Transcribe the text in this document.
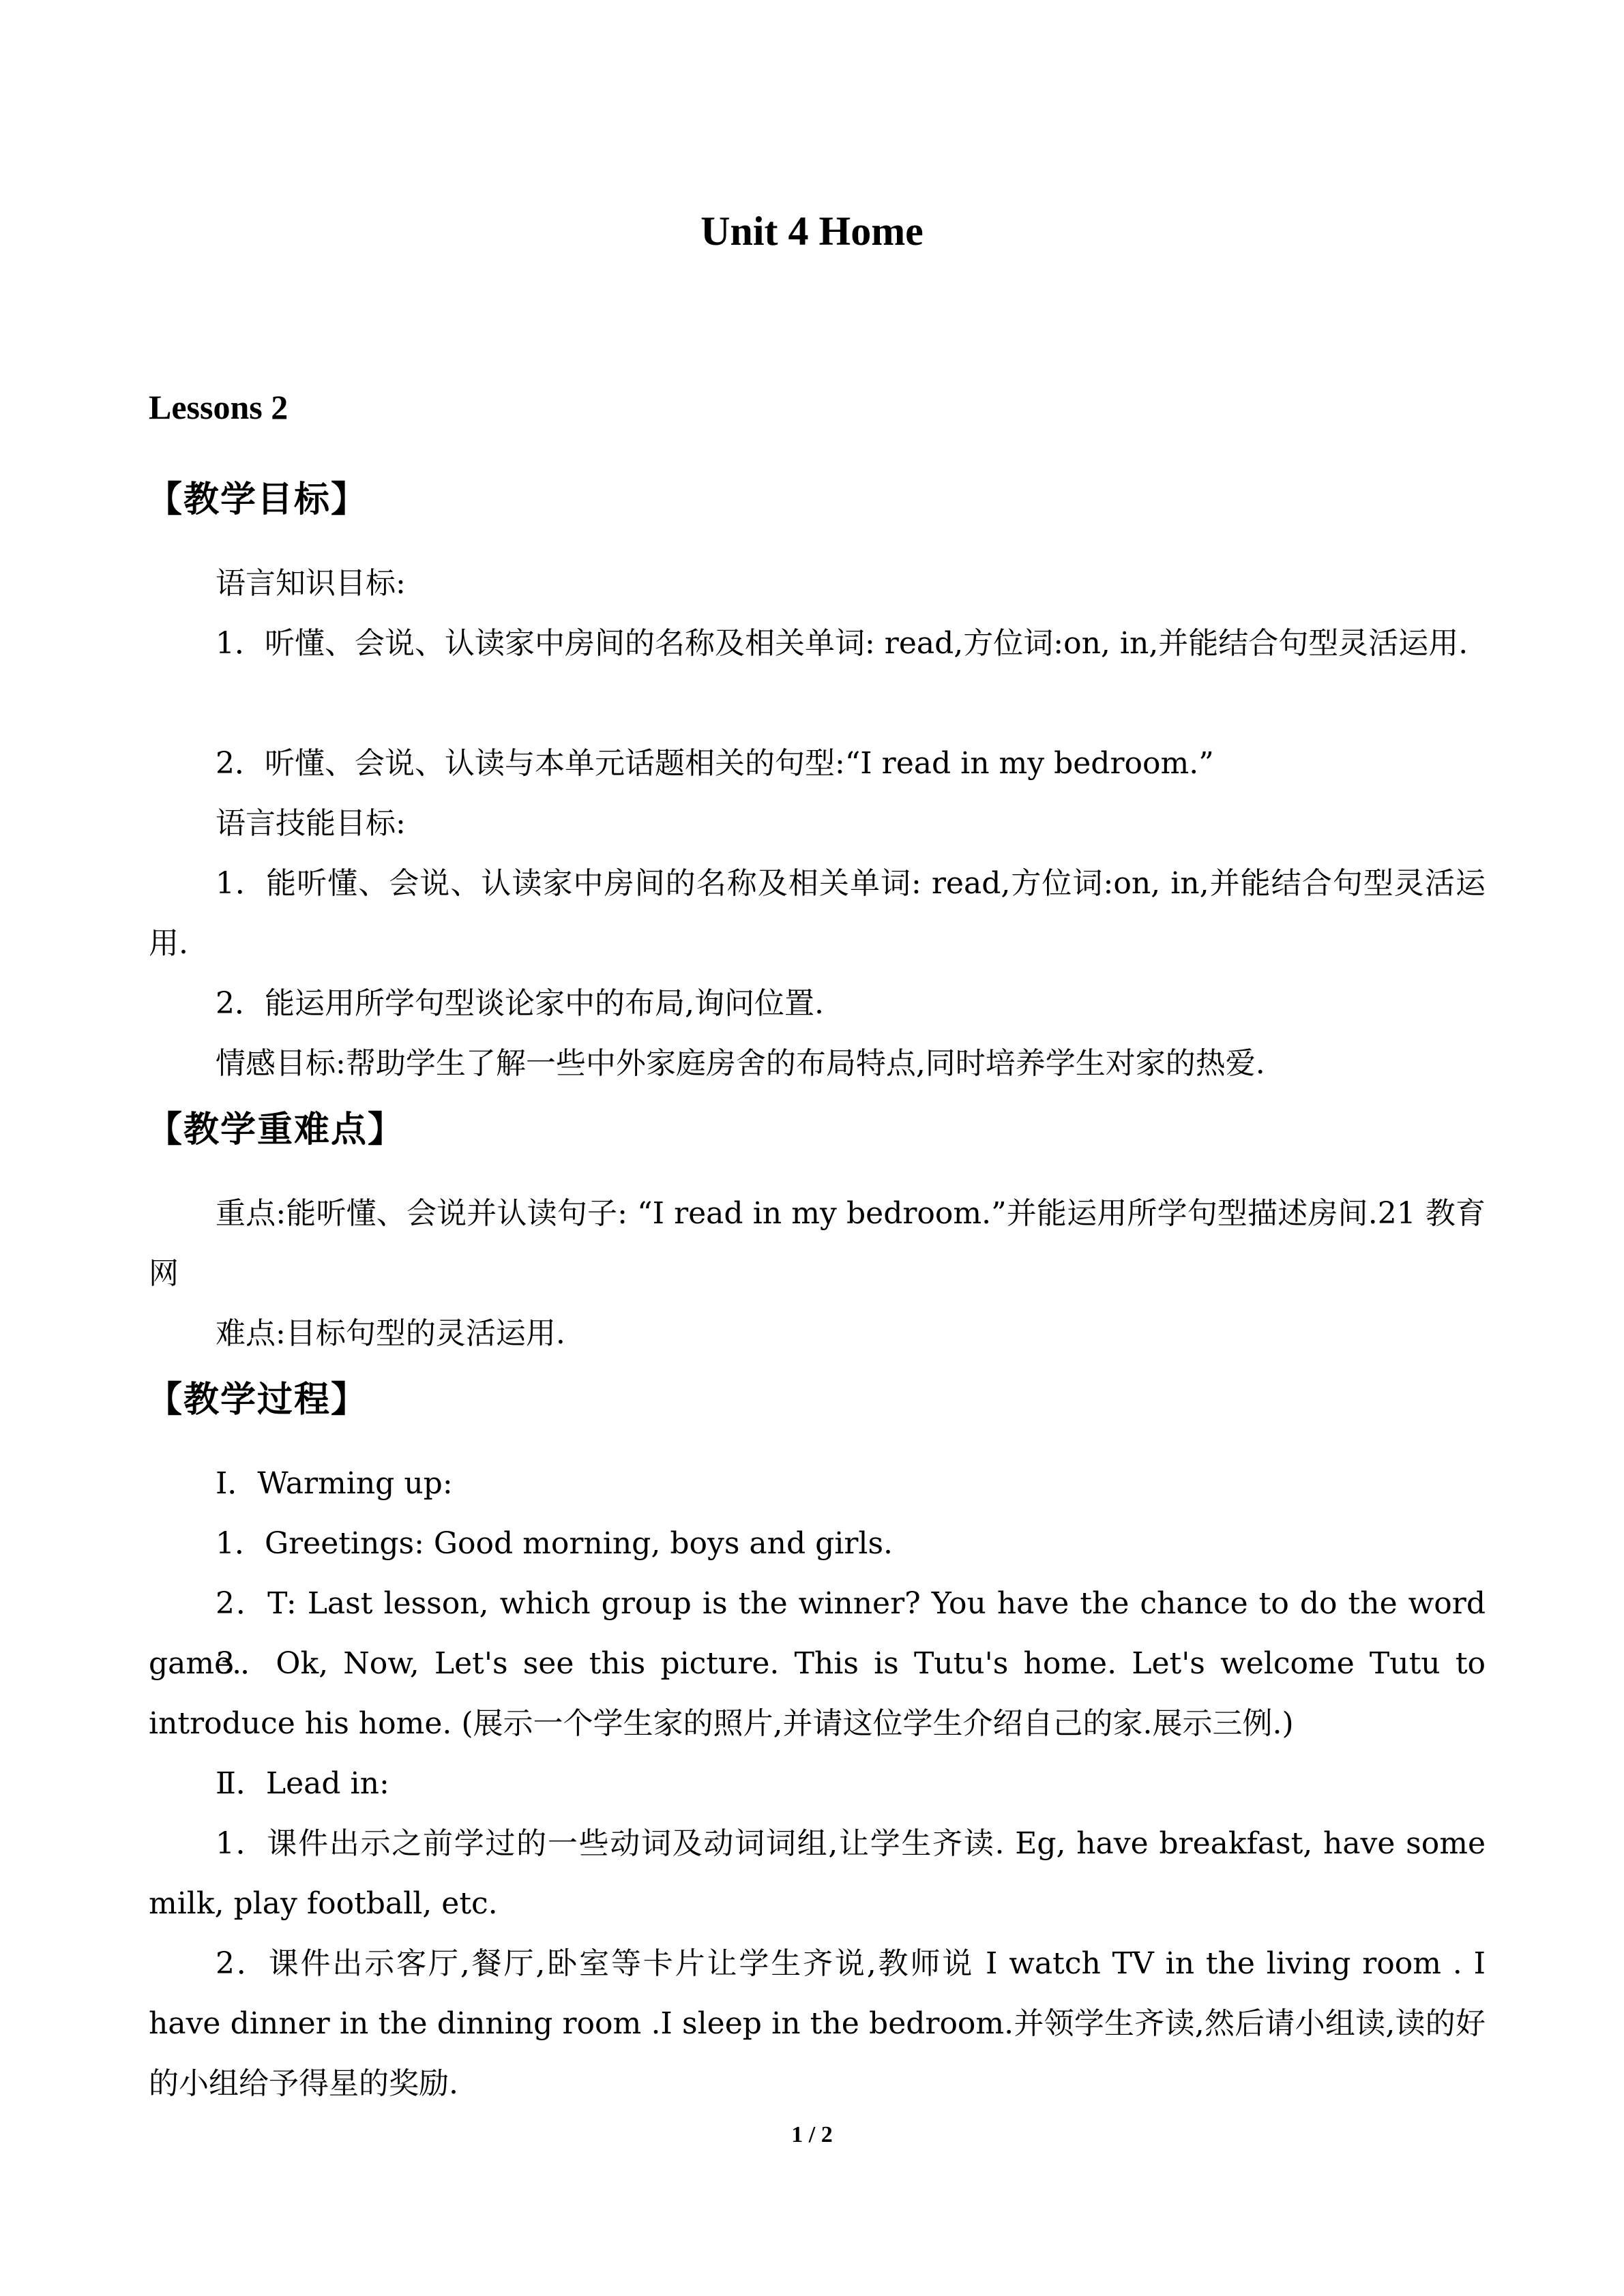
Unit 4 Home
Lessons 2
【教学目标】
语言知识目标:
1．听懂、会说、认读家中房间的名称及相关单词: read,方位词:on, in,并能结合句型灵活运用.
2．听懂、会说、认读与本单元话题相关的句型:“I read in my bedroom.”
语言技能目标:
1．能听懂、会说、认读家中房间的名称及相关单词: read,方位词:on, in,并能结合句型灵活运用.
2．能运用所学句型谈论家中的布局,询问位置.
情感目标:帮助学生了解一些中外家庭房舍的布局特点,同时培养学生对家的热爱.
【教学重难点】
重点:能听懂、会说并认读句子: “I read in my bedroom.”并能运用所学句型描述房间.21 教育网
难点:目标句型的灵活运用.
【教学过程】
Ⅰ．Warming up:
1．Greetings: Good morning, boys and girls.
2．T: Last lesson, which group is the winner? You have the chance to do the word game.
3．Ok, Now, Let's see this picture. This is Tutu's home. Let's welcome Tutu to introduce his home. (展示一个学生家的照片,并请这位学生介绍自己的家.展示三例.)
Ⅱ．Lead in:
1．课件出示之前学过的一些动词及动词词组,让学生齐读. Eg, have breakfast, have some milk, play football, etc.
2．课件出示客厅,餐厅,卧室等卡片让学生齐说,教师说 I watch TV in the living room . I have dinner in the dinning room .I sleep in the bedroom.并领学生齐读,然后请小组读,读的好的小组给予得星的奖励.
1 / 2
